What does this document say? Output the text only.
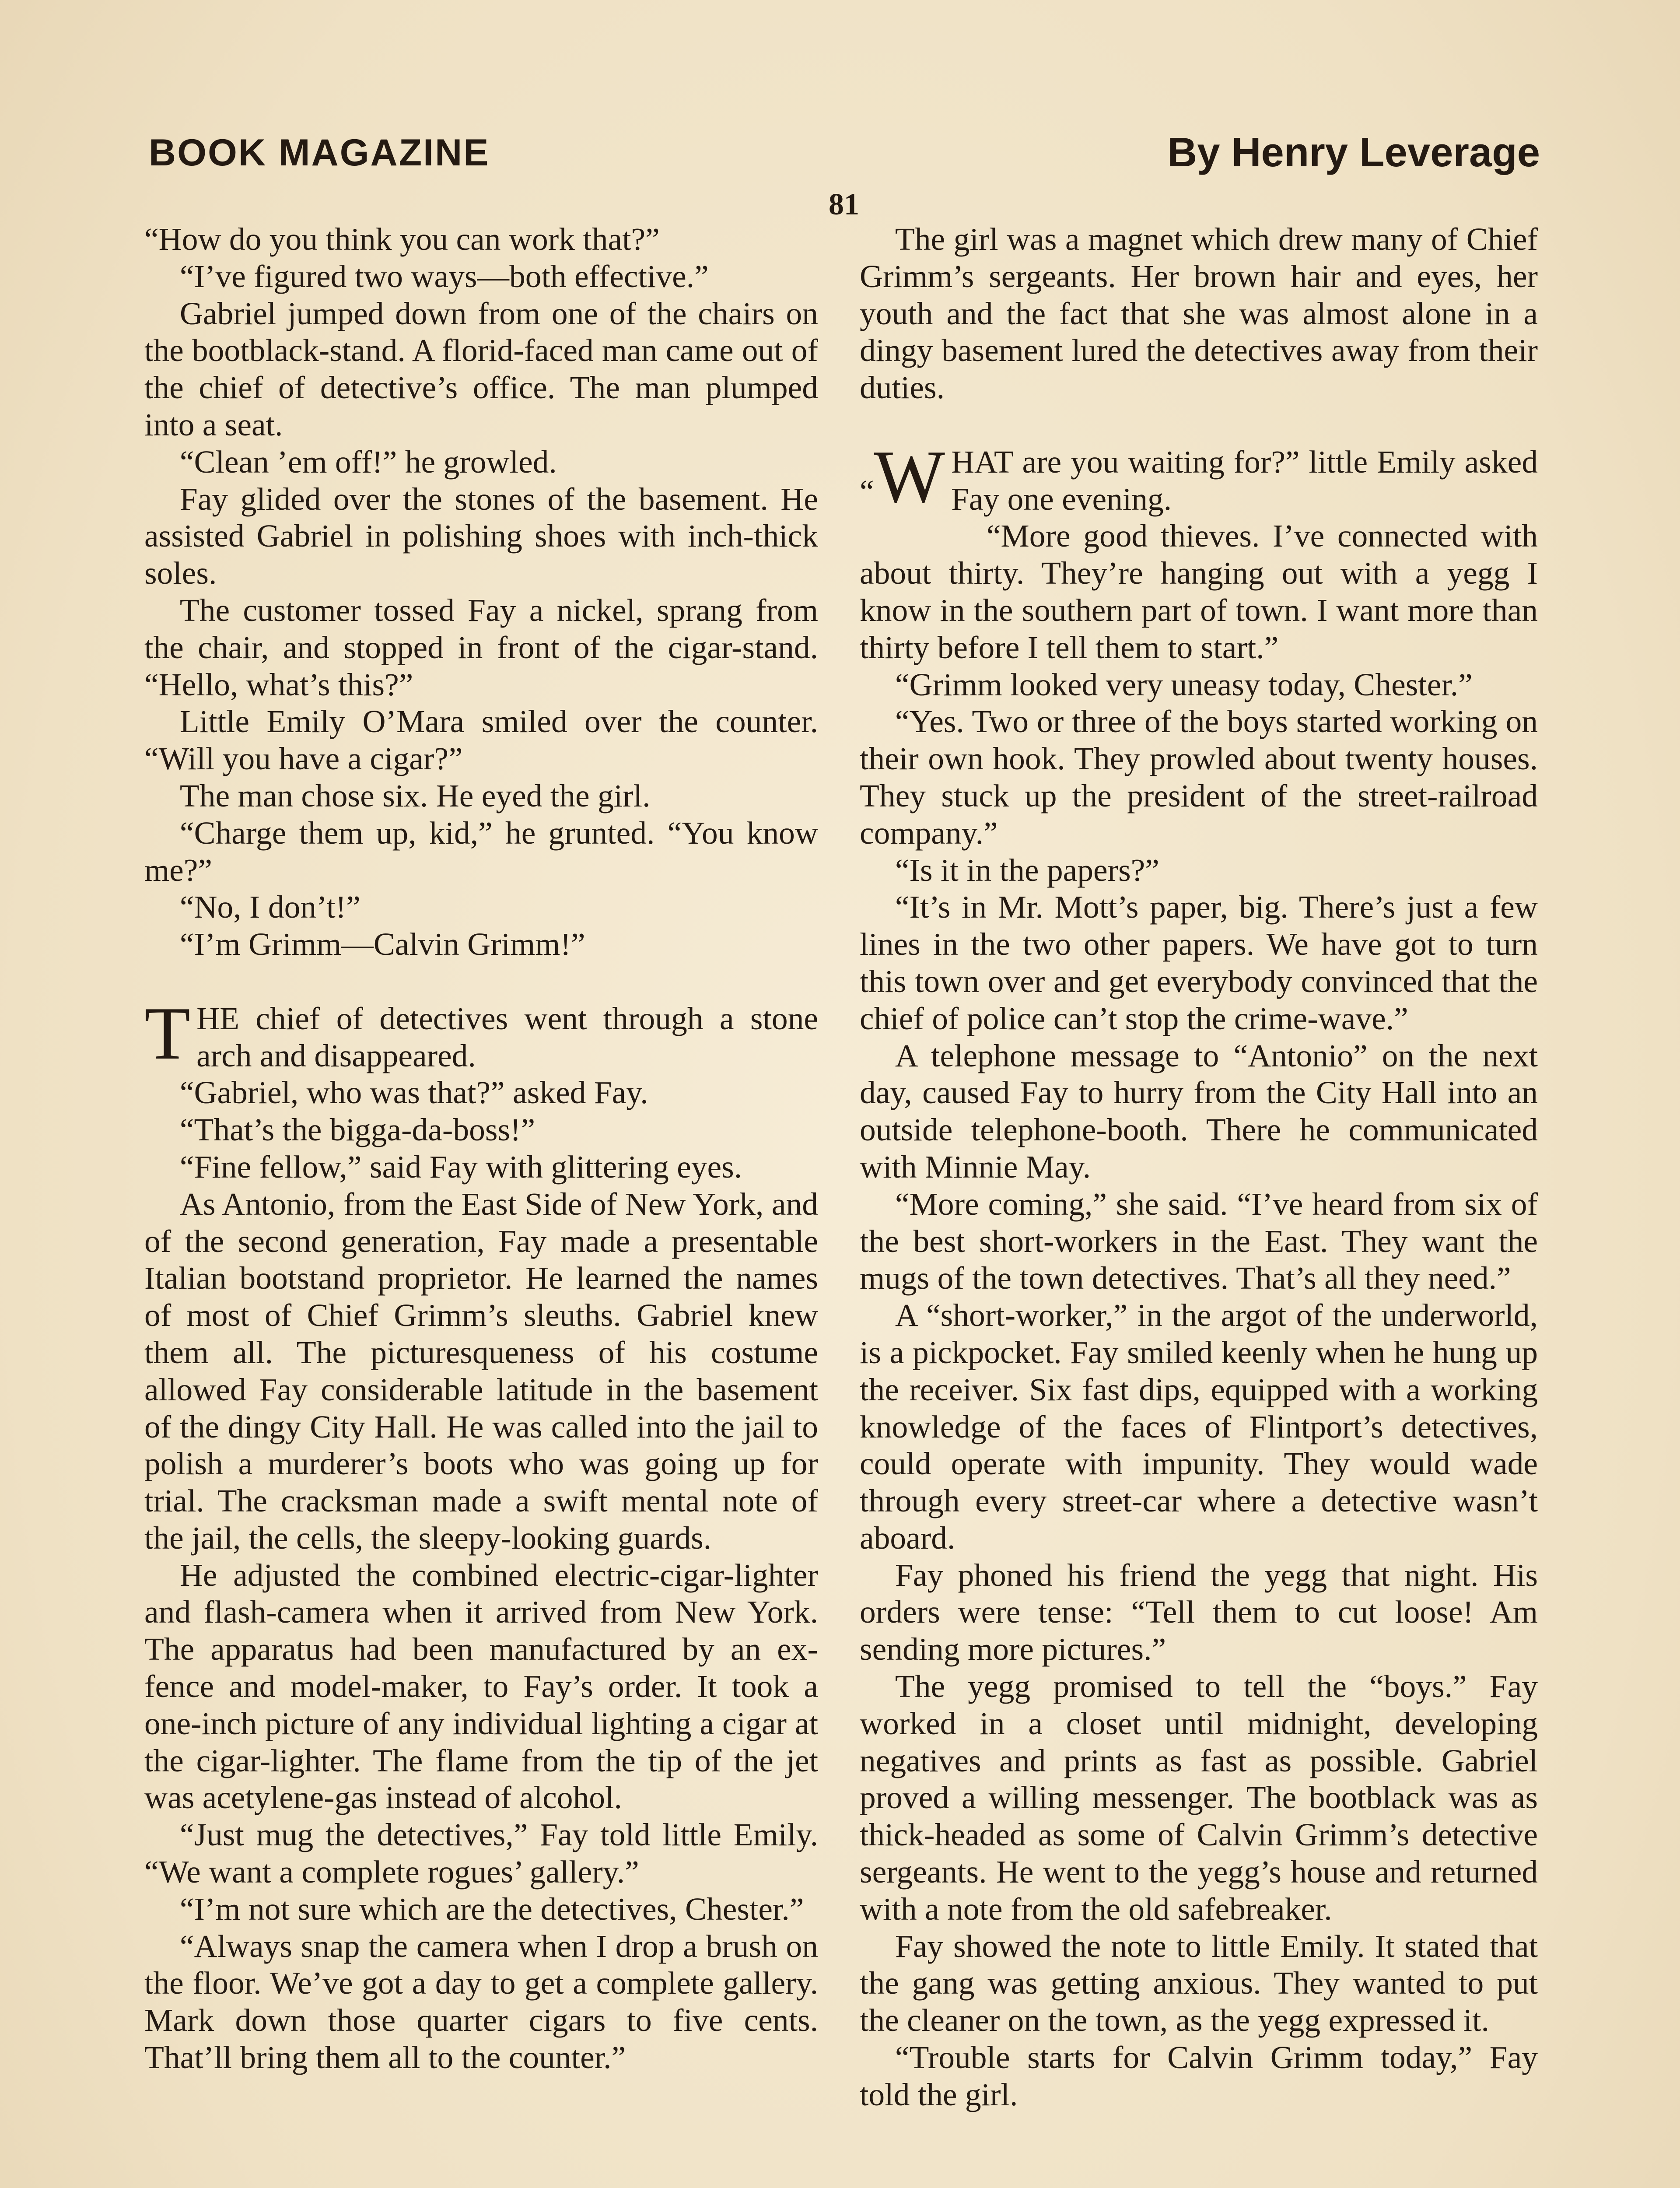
BOOK MAGAZINE	By Henry Leverage
81

“How do you think you can work that?”

“I’ve figured two ways—both effective.”

Gabriel jumped down from one of the chairs on the bootblack-stand. A florid-faced man came out of the chief of detective’s office. The man plumped into a seat.

“Clean ’em off!” he growled.

Fay glided over the stones of the basement. He assisted Gabriel in polishing shoes with inch-thick soles.

The customer tossed Fay a nickel, sprang from the chair, and stopped in front of the cigar-stand. “Hello, what’s this?”

Little Emily O’Mara smiled over the counter. “Will you have a cigar?”

The man chose six. He eyed the girl.

“Charge them up, kid,” he grunted. “You know me?”

“No, I don’t!”

“I’m Grimm—Calvin Grimm!”

THE chief of detectives went through a stone arch and disappeared.

“Gabriel, who was that?” asked Fay.

“That’s the bigga-da-boss!”

“Fine fellow,” said Fay with glittering eyes.

As Antonio, from the East Side of New York, and of the second generation, Fay made a presentable Italian bootstand proprietor. He learned the names of most of Chief Grimm’s sleuths. Gabriel knew them all. The picturesqueness of his costume allowed Fay considerable latitude in the basement of the dingy City Hall. He was called into the jail to polish a murderer’s boots who was going up for trial. The cracksman made a swift mental note of the jail, the cells, the sleepy-looking guards.

He adjusted the combined electric-cigar-lighter and flash-camera when it arrived from New York. The apparatus had been manufactured by an ex-fence and model-maker, to Fay’s order. It took a one-inch picture of any individual lighting a cigar at the cigar-lighter. The flame from the tip of the jet was acetylene-gas instead of alcohol.

“Just mug the detectives,” Fay told little Emily. “We want a complete rogues’ gallery.”

“I’m not sure which are the detectives, Chester.”

“Always snap the camera when I drop a brush on the floor. We’ve got a day to get a complete gallery. Mark down those quarter cigars to five cents. That’ll bring them all to the counter.”

The girl was a magnet which drew many of Chief Grimm’s sergeants. Her brown hair and eyes, her youth and the fact that she was almost alone in a dingy basement lured the detectives away from their duties.

“W HAT are you waiting for?” little Emily asked Fay one evening.

“More good thieves. I’ve connected with about thirty. They’re hanging out with a yegg I know in the southern part of town. I want more than thirty before I tell them to start.”

“Grimm looked very uneasy today, Chester.”

“Yes. Two or three of the boys started working on their own hook. They prowled about twenty houses. They stuck up the president of the street-railroad company.”

“Is it in the papers?”

“It’s in Mr. Mott’s paper, big. There’s just a few lines in the two other papers. We have got to turn this town over and get everybody convinced that the chief of police can’t stop the crime-wave.”

A telephone message to “Antonio” on the next day, caused Fay to hurry from the City Hall into an outside telephone-booth. There he communicated with Minnie May.

“More coming,” she said. “I’ve heard from six of the best short-workers in the East. They want the mugs of the town detectives. That’s all they need.”

A “short-worker,” in the argot of the underworld, is a pickpocket. Fay smiled keenly when he hung up the receiver. Six fast dips, equipped with a working knowledge of the faces of Flintport’s detectives, could operate with impunity. They would wade through every street-car where a detective wasn’t aboard.

Fay phoned his friend the yegg that night. His orders were tense: “Tell them to cut loose! Am sending more pictures.”

The yegg promised to tell the “boys.” Fay worked in a closet until midnight, developing negatives and prints as fast as possible. Gabriel proved a willing messenger. The bootblack was as thick-headed as some of Calvin Grimm’s detective sergeants. He went to the yegg’s house and returned with a note from the old safebreaker.

Fay showed the note to little Emily. It stated that the gang was getting anxious. They wanted to put the cleaner on the town, as the yegg expressed it.

“Trouble starts for Calvin Grimm today,” Fay told the girl.
